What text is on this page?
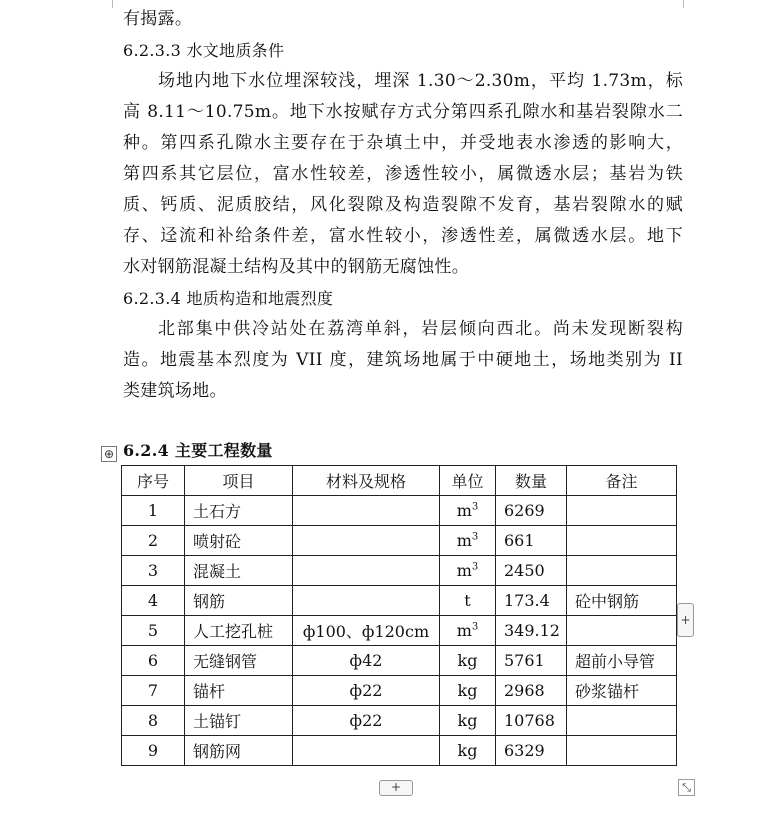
有揭露。
6.2.3.3 水文地质条件
场地内地下水位埋深较浅，埋深 1.30～2.30m，平均 1.73m，标
高 8.11～10.75m。地下水按赋存方式分第四系孔隙水和基岩裂隙水二
种。第四系孔隙水主要存在于杂填土中，并受地表水渗透的影响大，
第四系其它层位，富水性较差，渗透性较小，属微透水层；基岩为铁
质、钙质、泥质胶结，风化裂隙及构造裂隙不发育，基岩裂隙水的赋
存、迳流和补给条件差，富水性较小，渗透性差，属微透水层。地下
水对钢筋混凝土结构及其中的钢筋无腐蚀性。
6.2.3.4 地质构造和地震烈度
北部集中供冷站处在荔湾单斜，岩层倾向西北。尚未发现断裂构
造。地震基本烈度为 VII 度，建筑场地属于中硬地土，场地类别为 II
类建筑场地。
6.2.4 主要工程数量
⊕
序号	项目	材料及规格	单位	数量	备注
1	土石方		$m^3$	6269	
2	喷射砼		$m^3$	661	
3	混凝土		$m^3$	2450	
4	钢筋		t	173.4	砼中钢筋
5	人工挖孔桩	ф100、ф120cm	$m^3$	349.12	
6	无缝钢管	ф42	kg	5761	超前小导管
7	锚杆	ф22	kg	2968	砂浆锚杆
8	土锚钉	ф22	kg	10768	
9	钢筋网		kg	6329	
+
+	⤡
